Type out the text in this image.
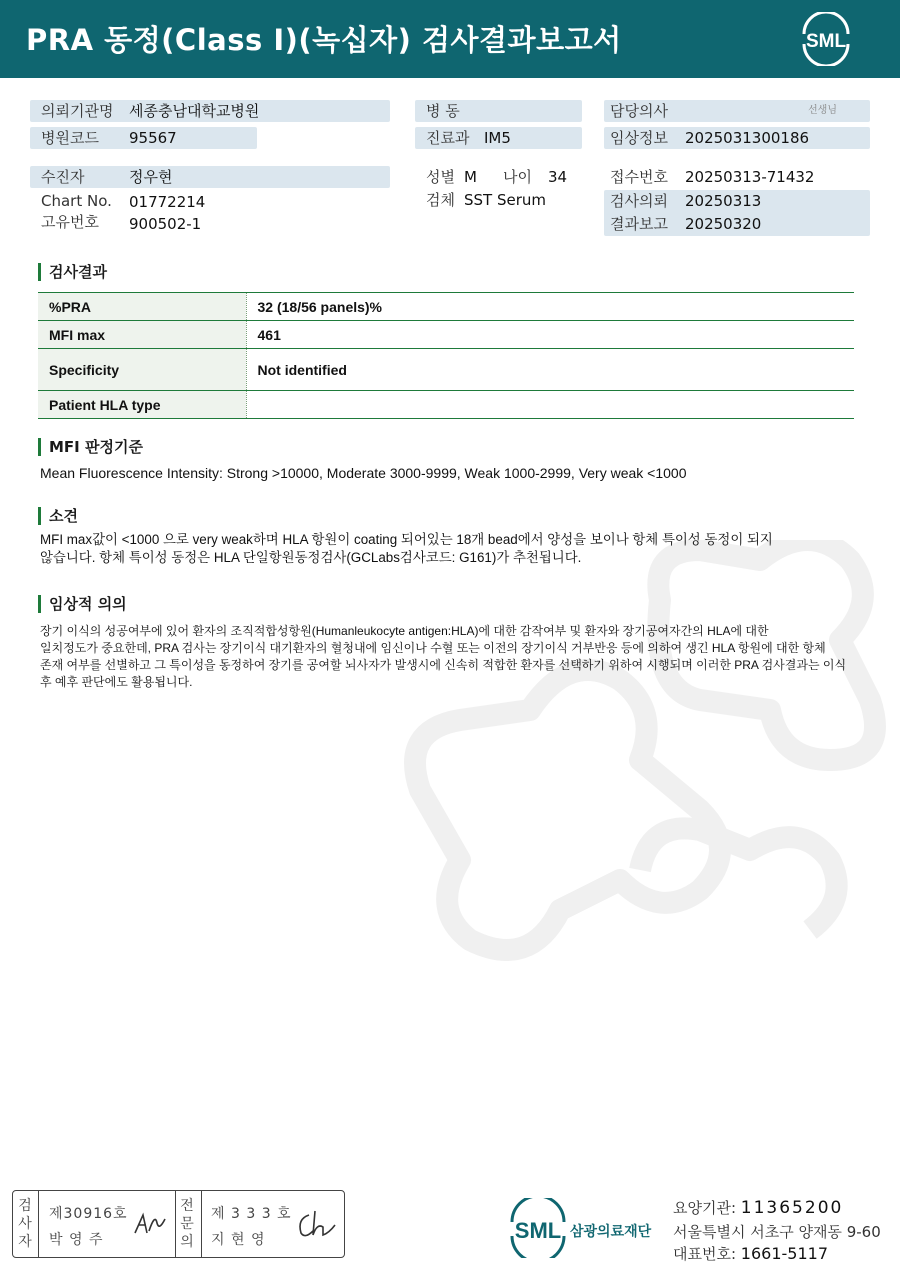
PRA 동정(Class I)(녹십자) 검사결과보고서	SML
의뢰기관명 세종충남대학교병원
병원코드 95567
수진자	정우현
Chart No. 01772214
고유번호 900502-1
병 동
진료과 IM5
성별 M 나이 34
검체 SST Serum
담당의사	선생님
임상정보 2025031300186
접수번호 20250313-71432
검사의뢰 20250313
결과보고 20250320
검사결과
%PRA	32 (18/56 panels)%
MFI max	461
Specificity	Not identified
Patient HLA type	
MFI 판정기준
Mean Fluorescence Intensity: Strong >10000, Moderate 3000-9999, Weak 1000-2999, Very weak <1000
소견
MFI max값이 <1000 으로 very weak하며 HLA 항원이 coating 되어있는 18개 bead에서 양성을 보이나 항체 특이성 동정이 되지
않습니다. 항체 특이성 동정은 HLA 단일항원동정검사(GCLabs검사코드: G161)가 추천됩니다.
임상적 의의
장기 이식의 성공여부에 있어 환자의 조직적합성항원(Humanleukocyte antigen:HLA)에 대한 감작여부 및 환자와 장기공여자간의 HLA에 대한
일치정도가 중요한데, PRA 검사는 장기이식 대기환자의 혈청내에 임신이나 수혈 또는 이전의 장기이식 거부반응 등에 의하여 생긴 HLA 항원에 대한 항체
존재 여부를 선별하고 그 특이성을 동정하여 장기를 공여할 뇌사자가 발생시에 신속히 적합한 환자를 선택하기 위하여 시행되며 이러한 PRA 검사결과는 이식
후 예후 판단에도 활용됩니다.
검
사
자
제30916호
박 영 주
전
문
의
제 3 3 3 호
지 현 영	SML 삼광의료재단
요양기관: 11365200
서울특별시 서초구 양재동 9-60
대표번호: 1661-5117
